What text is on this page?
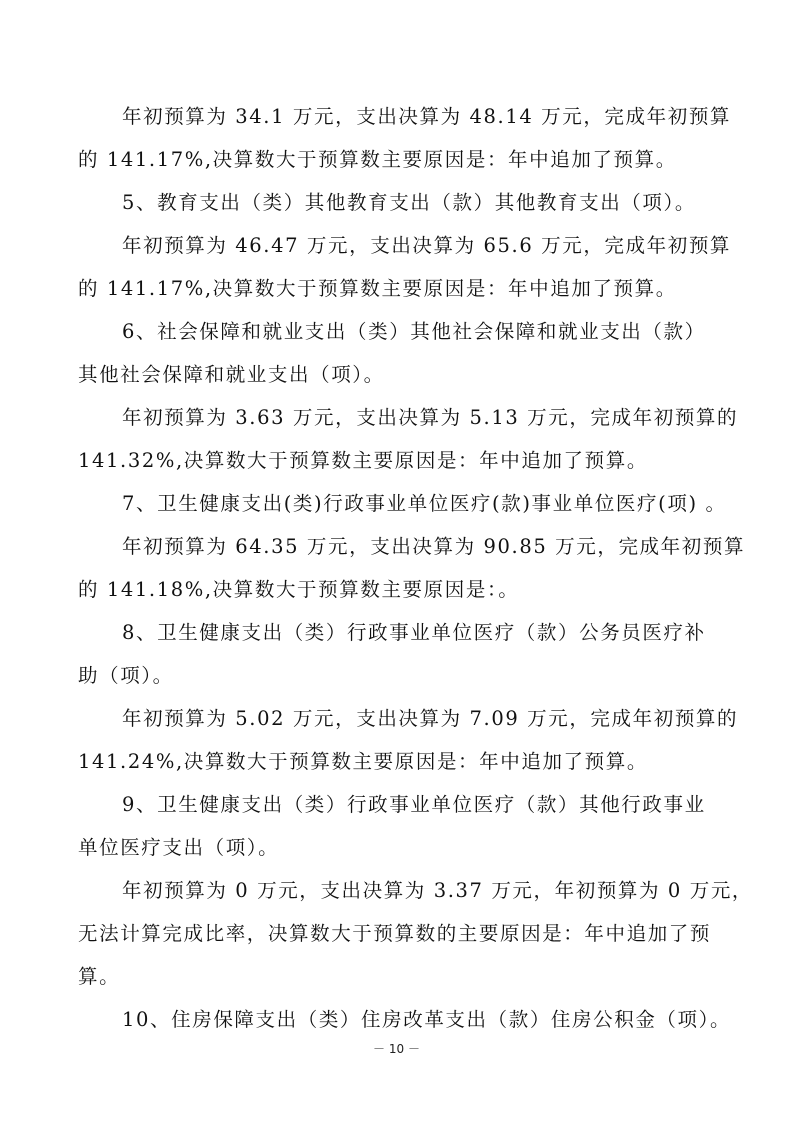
年初预算为 34.1 万元，支出决算为 48.14 万元，完成年初预算
的 141.17%,决算数大于预算数主要原因是：年中追加了预算。
5、教育支出（类）其他教育支出（款）其他教育支出（项）。
年初预算为 46.47 万元，支出决算为 65.6 万元，完成年初预算
的 141.17%,决算数大于预算数主要原因是：年中追加了预算。
6、社会保障和就业支出（类）其他社会保障和就业支出（款）
其他社会保障和就业支出（项）。
年初预算为 3.63 万元，支出决算为 5.13 万元，完成年初预算的
141.32%,决算数大于预算数主要原因是：年中追加了预算。
7、卫生健康支出(类)行政事业单位医疗(款)事业单位医疗(项) 。
年初预算为 64.35 万元，支出决算为 90.85 万元，完成年初预算
的 141.18%,决算数大于预算数主要原因是：。
8、卫生健康支出（类）行政事业单位医疗（款）公务员医疗补
助（项）。
年初预算为 5.02 万元，支出决算为 7.09 万元，完成年初预算的
141.24%,决算数大于预算数主要原因是：年中追加了预算。
9、卫生健康支出（类）行政事业单位医疗（款）其他行政事业
单位医疗支出（项）。
年初预算为 0 万元，支出决算为 3.37 万元，年初预算为 0 万元，
无法计算完成比率，决算数大于预算数的主要原因是：年中追加了预
算。
10、住房保障支出（类）住房改革支出（款）住房公积金（项）。
－ 10 －
